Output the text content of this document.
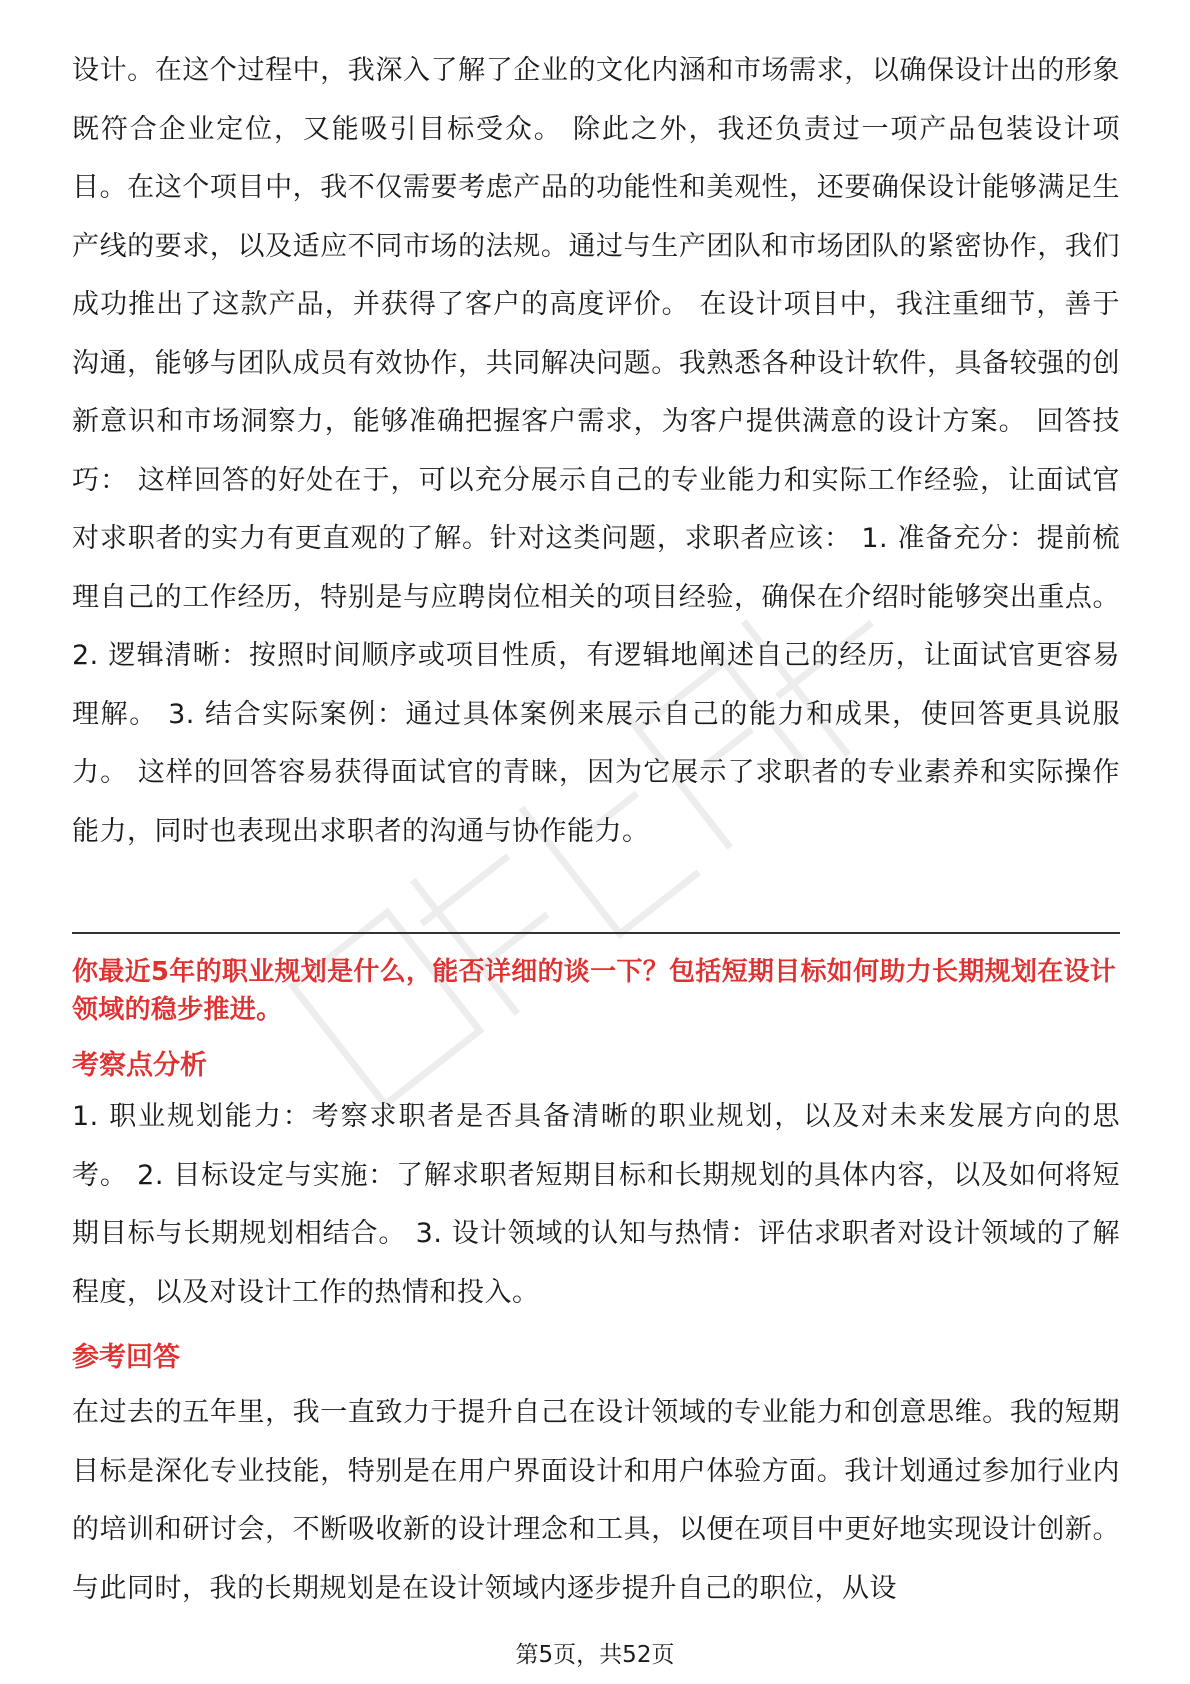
设计。在这个过程中，我深入了解了企业的文化内涵和市场需求，以确保设计出的形象既符合企业定位，又能吸引目标受众。 除此之外，我还负责过一项产品包装设计项目。在这个项目中，我不仅需要考虑产品的功能性和美观性，还要确保设计能够满足生产线的要求，以及适应不同市场的法规。通过与生产团队和市场团队的紧密协作，我们成功推出了这款产品，并获得了客户的高度评价。 在设计项目中，我注重细节，善于沟通，能够与团队成员有效协作，共同解决问题。我熟悉各种设计软件，具备较强的创新意识和市场洞察力，能够准确把握客户需求，为客户提供满意的设计方案。 回答技巧： 这样回答的好处在于，可以充分展示自己的专业能力和实际工作经验，让面试官对求职者的实力有更直观的了解。针对这类问题，求职者应该： 1. 准备充分：提前梳理自己的工作经历，特别是与应聘岗位相关的项目经验，确保在介绍时能够突出重点。 2. 逻辑清晰：按照时间顺序或项目性质，有逻辑地阐述自己的经历，让面试官更容易理解。 3. 结合实际案例：通过具体案例来展示自己的能力和成果，使回答更具说服力。 这样的回答容易获得面试官的青睐，因为它展示了求职者的专业素养和实际操作能力，同时也表现出求职者的沟通与协作能力。

你最近5年的职业规划是什么，能否详细的谈一下？包括短期目标如何助力长期规划在设计领域的稳步推进。

考察点分析

1. 职业规划能力：考察求职者是否具备清晰的职业规划，以及对未来发展方向的思考。 2. 目标设定与实施：了解求职者短期目标和长期规划的具体内容，以及如何将短期目标与长期规划相结合。 3. 设计领域的认知与热情：评估求职者对设计领域的了解程度，以及对设计工作的热情和投入。

参考回答

在过去的五年里，我一直致力于提升自己在设计领域的专业能力和创意思维。我的短期目标是深化专业技能，特别是在用户界面设计和用户体验方面。我计划通过参加行业内的培训和研讨会，不断吸收新的设计理念和工具，以便在项目中更好地实现设计创新。 与此同时，我的长期规划是在设计领域内逐步提升自己的职位，从设

第5页，共52页
